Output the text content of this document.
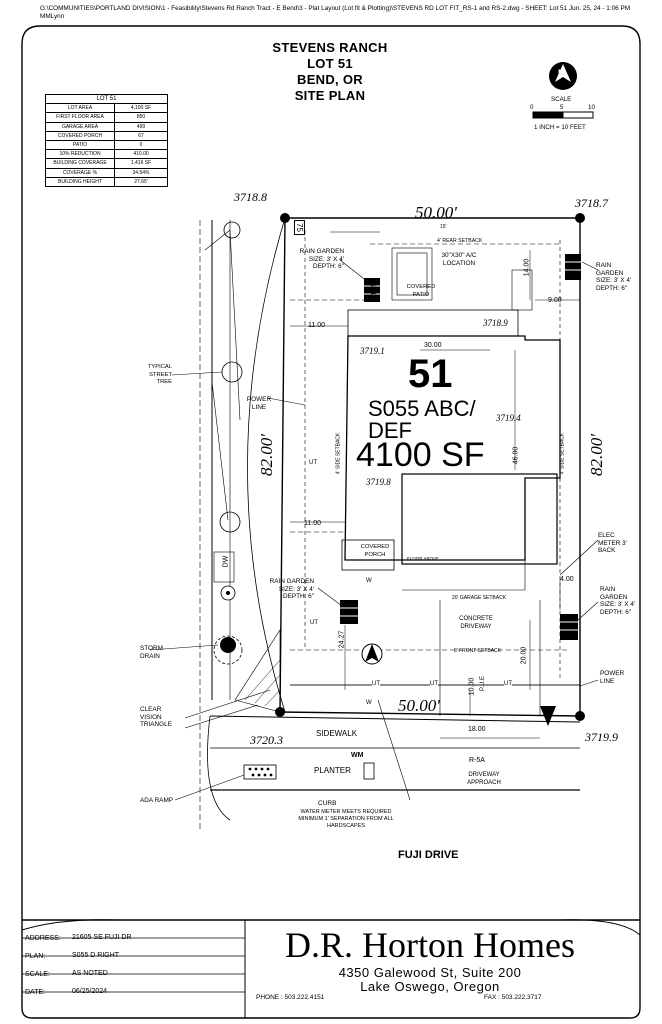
G:\COMMUNITIES\PORTLAND DIVISION\1 - Feasibility\Stevens Rd Ranch Tract - E Bend\3 - Plat Layout (Lot fit & Plotting)\STEVENS RD LOT FIT_RS-1 and RS-2.dwg - SHEET: Lot 51 Jun. 25, 24 - 1:06 PM MMLynn
STEVENS RANCH
LOT 51
BEND, OR
SITE PLAN
N
SCALE
0	5	10
1 INCH = 10 FEET
LOT 51	
LOT AREA	4,100 SF
FIRST FLOOR AREA	850
GARAGE AREA	499
COVERED PORCH	67
PATIO	0
10% REDUCTION	410.00
BUILDING COVERAGE	1,416 SF
COVERAGE %	34.54%
BUILDING HEIGHT	27.65'
3718.8	3718.7
3720.3	3719.9
3718.9
3719.1
3719.4
3719.8
50.00'
50.00'
82.00'	82.00'
30.00
46.00
11.00
11.00
14.00
9.00
18.50
4.00
20.00
24.27
10.00 P.U.E
18.00
15'
51
S055 ABC/ DEF
4100 SF
4' REAR SETBACK
4' SIDE SETBACK	4' SIDE SETBACK
30"X30" A/C LOCATION
COVERED PATIO
COVERED PORCH
FLOOR ABOVE
20' GARAGE SETBACK
8' FRONT SETBACK
CONCRETE DRIVEWAY
SIDEWALK
PLANTER
WM
R-5A
DRIVEWAY APPROACH
CURB
WATER METER MEETS REQUIRED MINIMUM 1' SEPARATION FROM ALL HARDSCAPES
FUJI DRIVE
UT	UT	UT
UT
UT
W
W
DW
75
RAIN GARDEN SIZE: 3' X 4' DEPTH: 6"	RAIN GARDEN SIZE: 3' X 4' DEPTH: 6"
RAIN GARDEN SIZE: 3' X 4' DEPTH: 6"
RAIN GARDEN SIZE: 3' X 4' DEPTH: 6"
TYPICAL STREET TREE
POWER LINE
STORM DRAIN
CLEAR VISION TRIANGLE
ADA RAMP
ELEC METER 3' BACK
POWER LINE
ADDRESS: 21605 SE FUJI DR
PLAN:	S055 D RIGHT
SCALE:	AS NOTED
DATE:	06/25/2024
D.R. Horton Homes
4350 Galewood St, Suite 200
Lake Oswego, Oregon
PHONE : 503.222.4151	FAX : 503.222.3717
